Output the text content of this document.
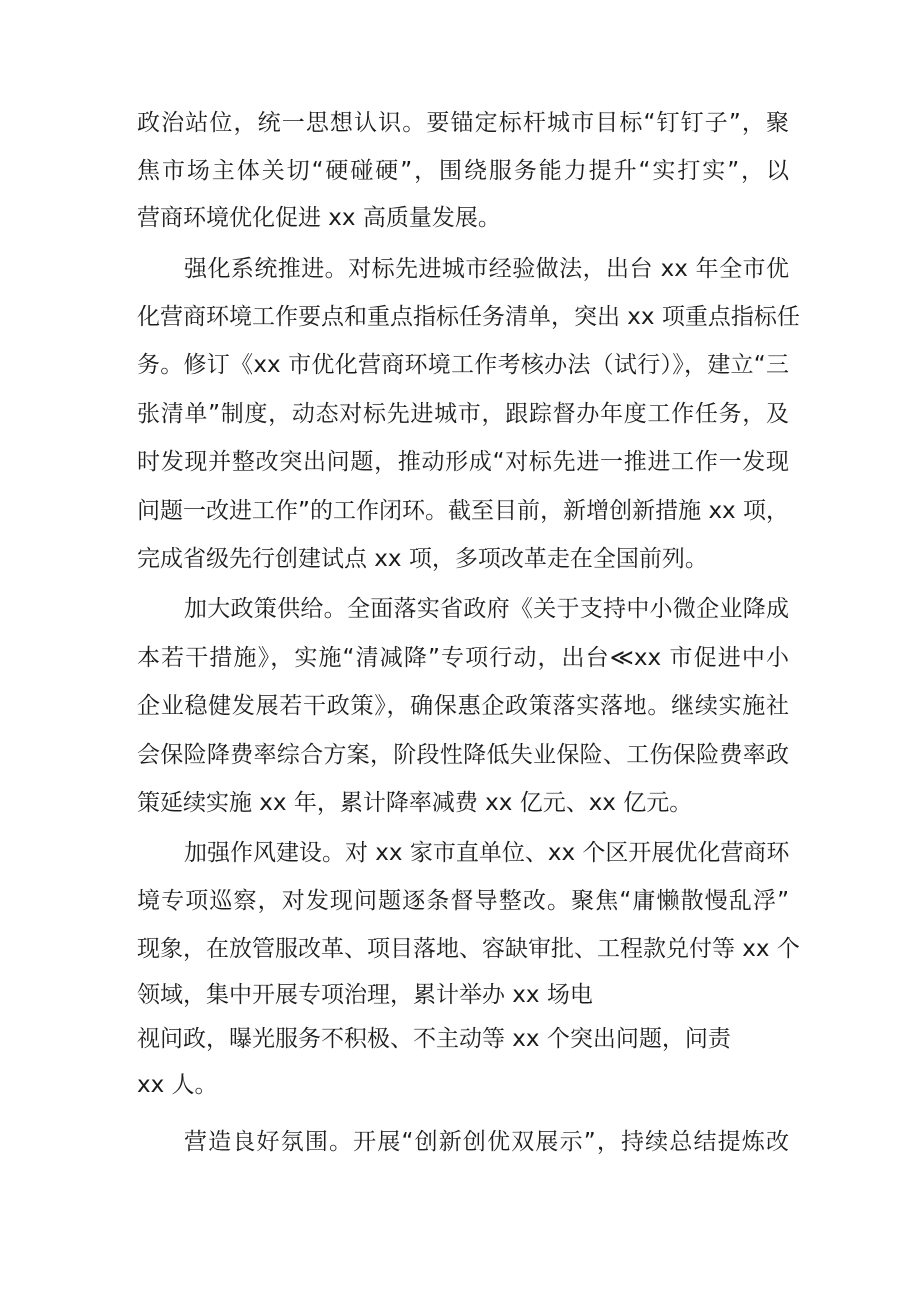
政治站位，统一思想认识。要锚定标杆城市目标“钉钉子”，聚
焦市场主体关切“硬碰硬”，围绕服务能力提升“实打实”，以
营商环境优化促进 xx 高质量发展。
强化系统推进。对标先进城市经验做法，出台 xx 年全市优
化营商环境工作要点和重点指标任务清单，突出 xx 项重点指标任
务。修订《xx 市优化营商环境工作考核办法（试行）》，建立“三
张清单”制度，动态对标先进城市，跟踪督办年度工作任务，及
时发现并整改突出问题，推动形成“对标先进一推进工作一发现
问题一改进工作”的工作闭环。截至目前，新增创新措施 xx 项，
完成省级先行创建试点 xx 项，多项改革走在全国前列。
加大政策供给。全面落实省政府《关于支持中小微企业降成
本若干措施》，实施“清减降”专项行动，出台≪xx 市促进中小
企业稳健发展若干政策》，确保惠企政策落实落地。继续实施社
会保险降费率综合方案，阶段性降低失业保险、工伤保险费率政
策延续实施 xx 年，累计降率减费 xx 亿元、xx 亿元。
加强作风建设。对 xx 家市直单位、xx 个区开展优化营商环
境专项巡察，对发现问题逐条督导整改。聚焦“庸懒散慢乱浮”
现象，在放管服改革、项目落地、容缺审批、工程款兑付等 xx 个
领域，集中开展专项治理，累计举办 xx 场电
视问政，曝光服务不积极、不主动等 xx 个突出问题，问责
xx 人。
营造良好氛围。开展“创新创优双展示”，持续总结提炼改
